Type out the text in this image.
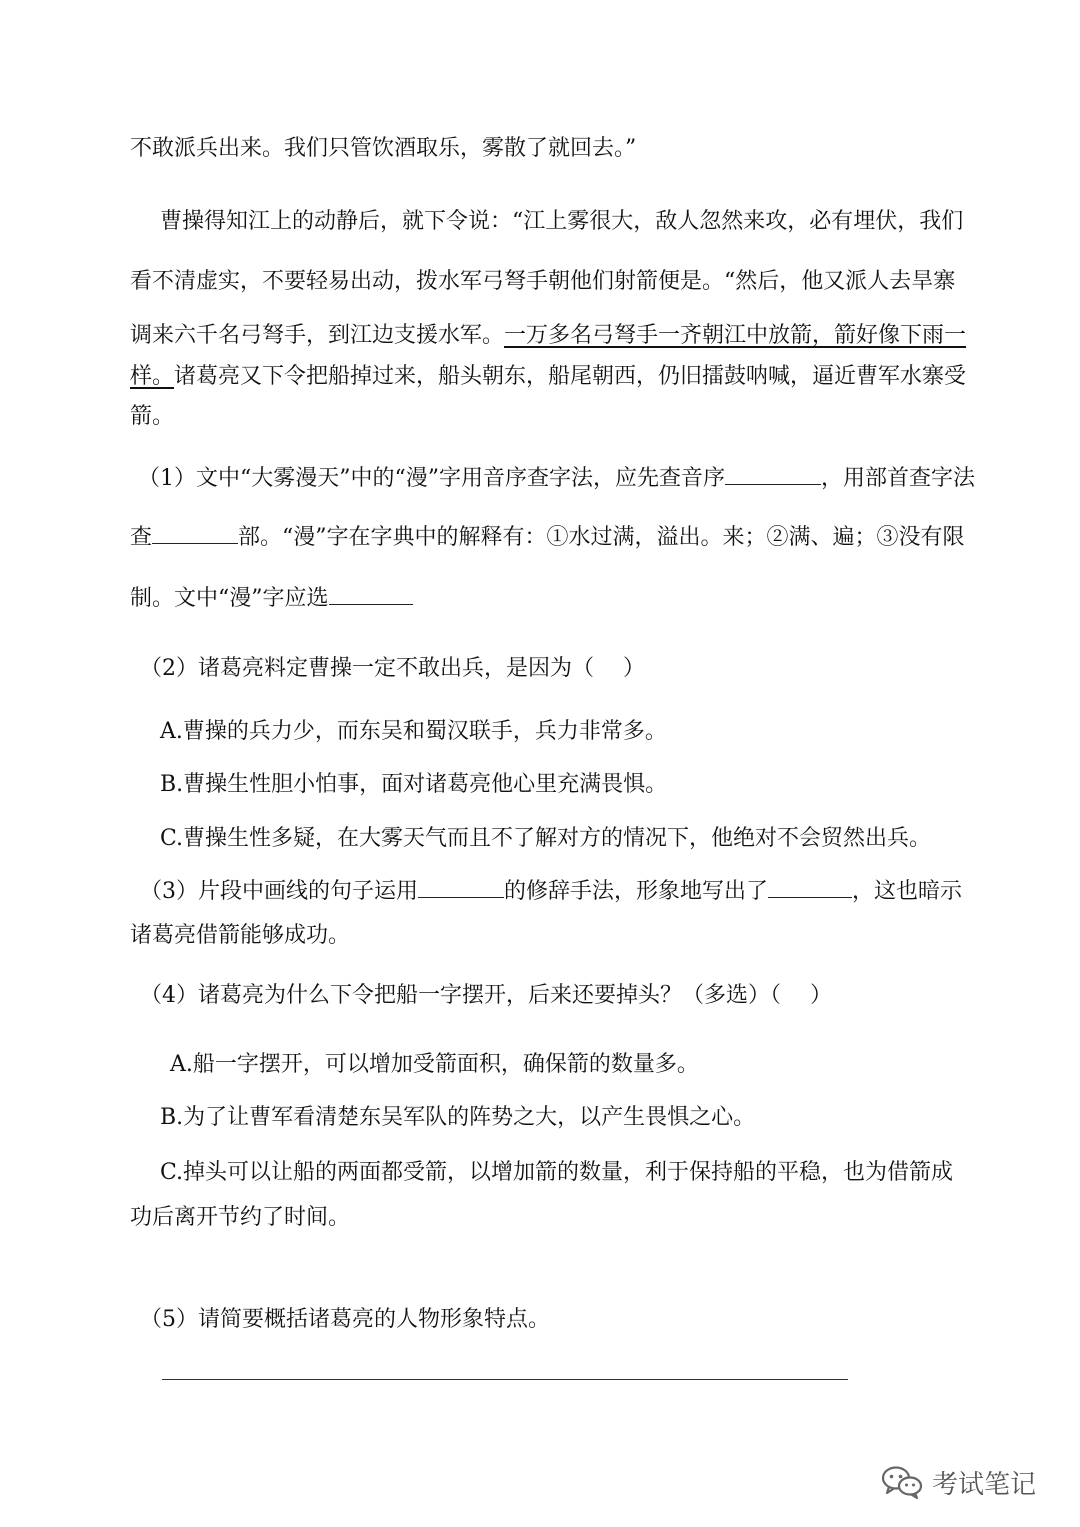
不敢派兵出来。我们只管饮酒取乐，雾散了就回去。”
曹操得知江上的动静后，就下令说：“江上雾很大，敌人忽然来攻，必有埋伏，我们
看不清虚实，不要轻易出动，拨水军弓弩手朝他们射箭便是。“然后，他又派人去旱寨
调来六千名弓弩手，到江边支援水军。一万多名弓弩手一齐朝江中放箭，箭好像下雨一
样。诸葛亮又下令把船掉过来，船头朝东，船尾朝西，仍旧擂鼓呐喊，逼近曹军水寨受
箭。
（1）文中“大雾漫天”中的“漫”字用音序查字法，应先查音序	，用部首查字法
查	部。“漫”字在字典中的解释有：①水过满，溢出。来；②满、遍；③没有限
制。文中“漫”字应选
（2）诸葛亮料定曹操一定不敢出兵，是因为（　 ）
A.曹操的兵力少，而东吴和蜀汉联手，兵力非常多。
B.曹操生性胆小怕事，面对诸葛亮他心里充满畏惧。
C.曹操生性多疑，在大雾天气而且不了解对方的情况下，他绝对不会贸然出兵。
（3）片段中画线的句子运用	的修辞手法，形象地写出了	，这也暗示
诸葛亮借箭能够成功。
（4）诸葛亮为什么下令把船一字摆开，后来还要掉头？（多选）（　 ）
A.船一字摆开，可以增加受箭面积，确保箭的数量多。
B.为了让曹军看清楚东吴军队的阵势之大，以产生畏惧之心。
C.掉头可以让船的两面都受箭，以增加箭的数量，利于保持船的平稳，也为借箭成
功后离开节约了时间。
（5）请简要概括诸葛亮的人物形象特点。
考试笔记
